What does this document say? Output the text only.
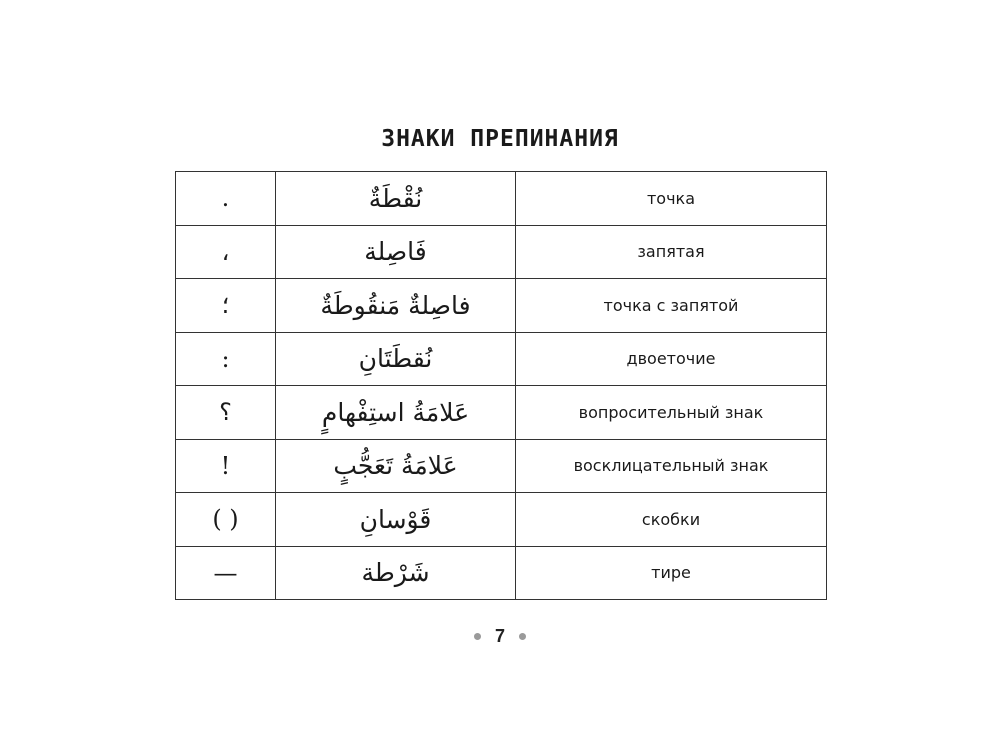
ЗНАКИ ПРЕПИНАНИЯ
.	نُقْطَةٌ	точка
،	فَاصِلة	запятая
؛	فاصِلةٌ مَنقُوطَةٌ	точка с запятой
:	نُقطَتَانِ	двоеточие
؟	عَلامَةُ استِفْهامٍ	вопросительный знак
!	عَلامَةُ تَعَجُّبٍ	восклицательный знак
( )	قَوْسانِ	скобки
—	شَرْطة	тире
7
